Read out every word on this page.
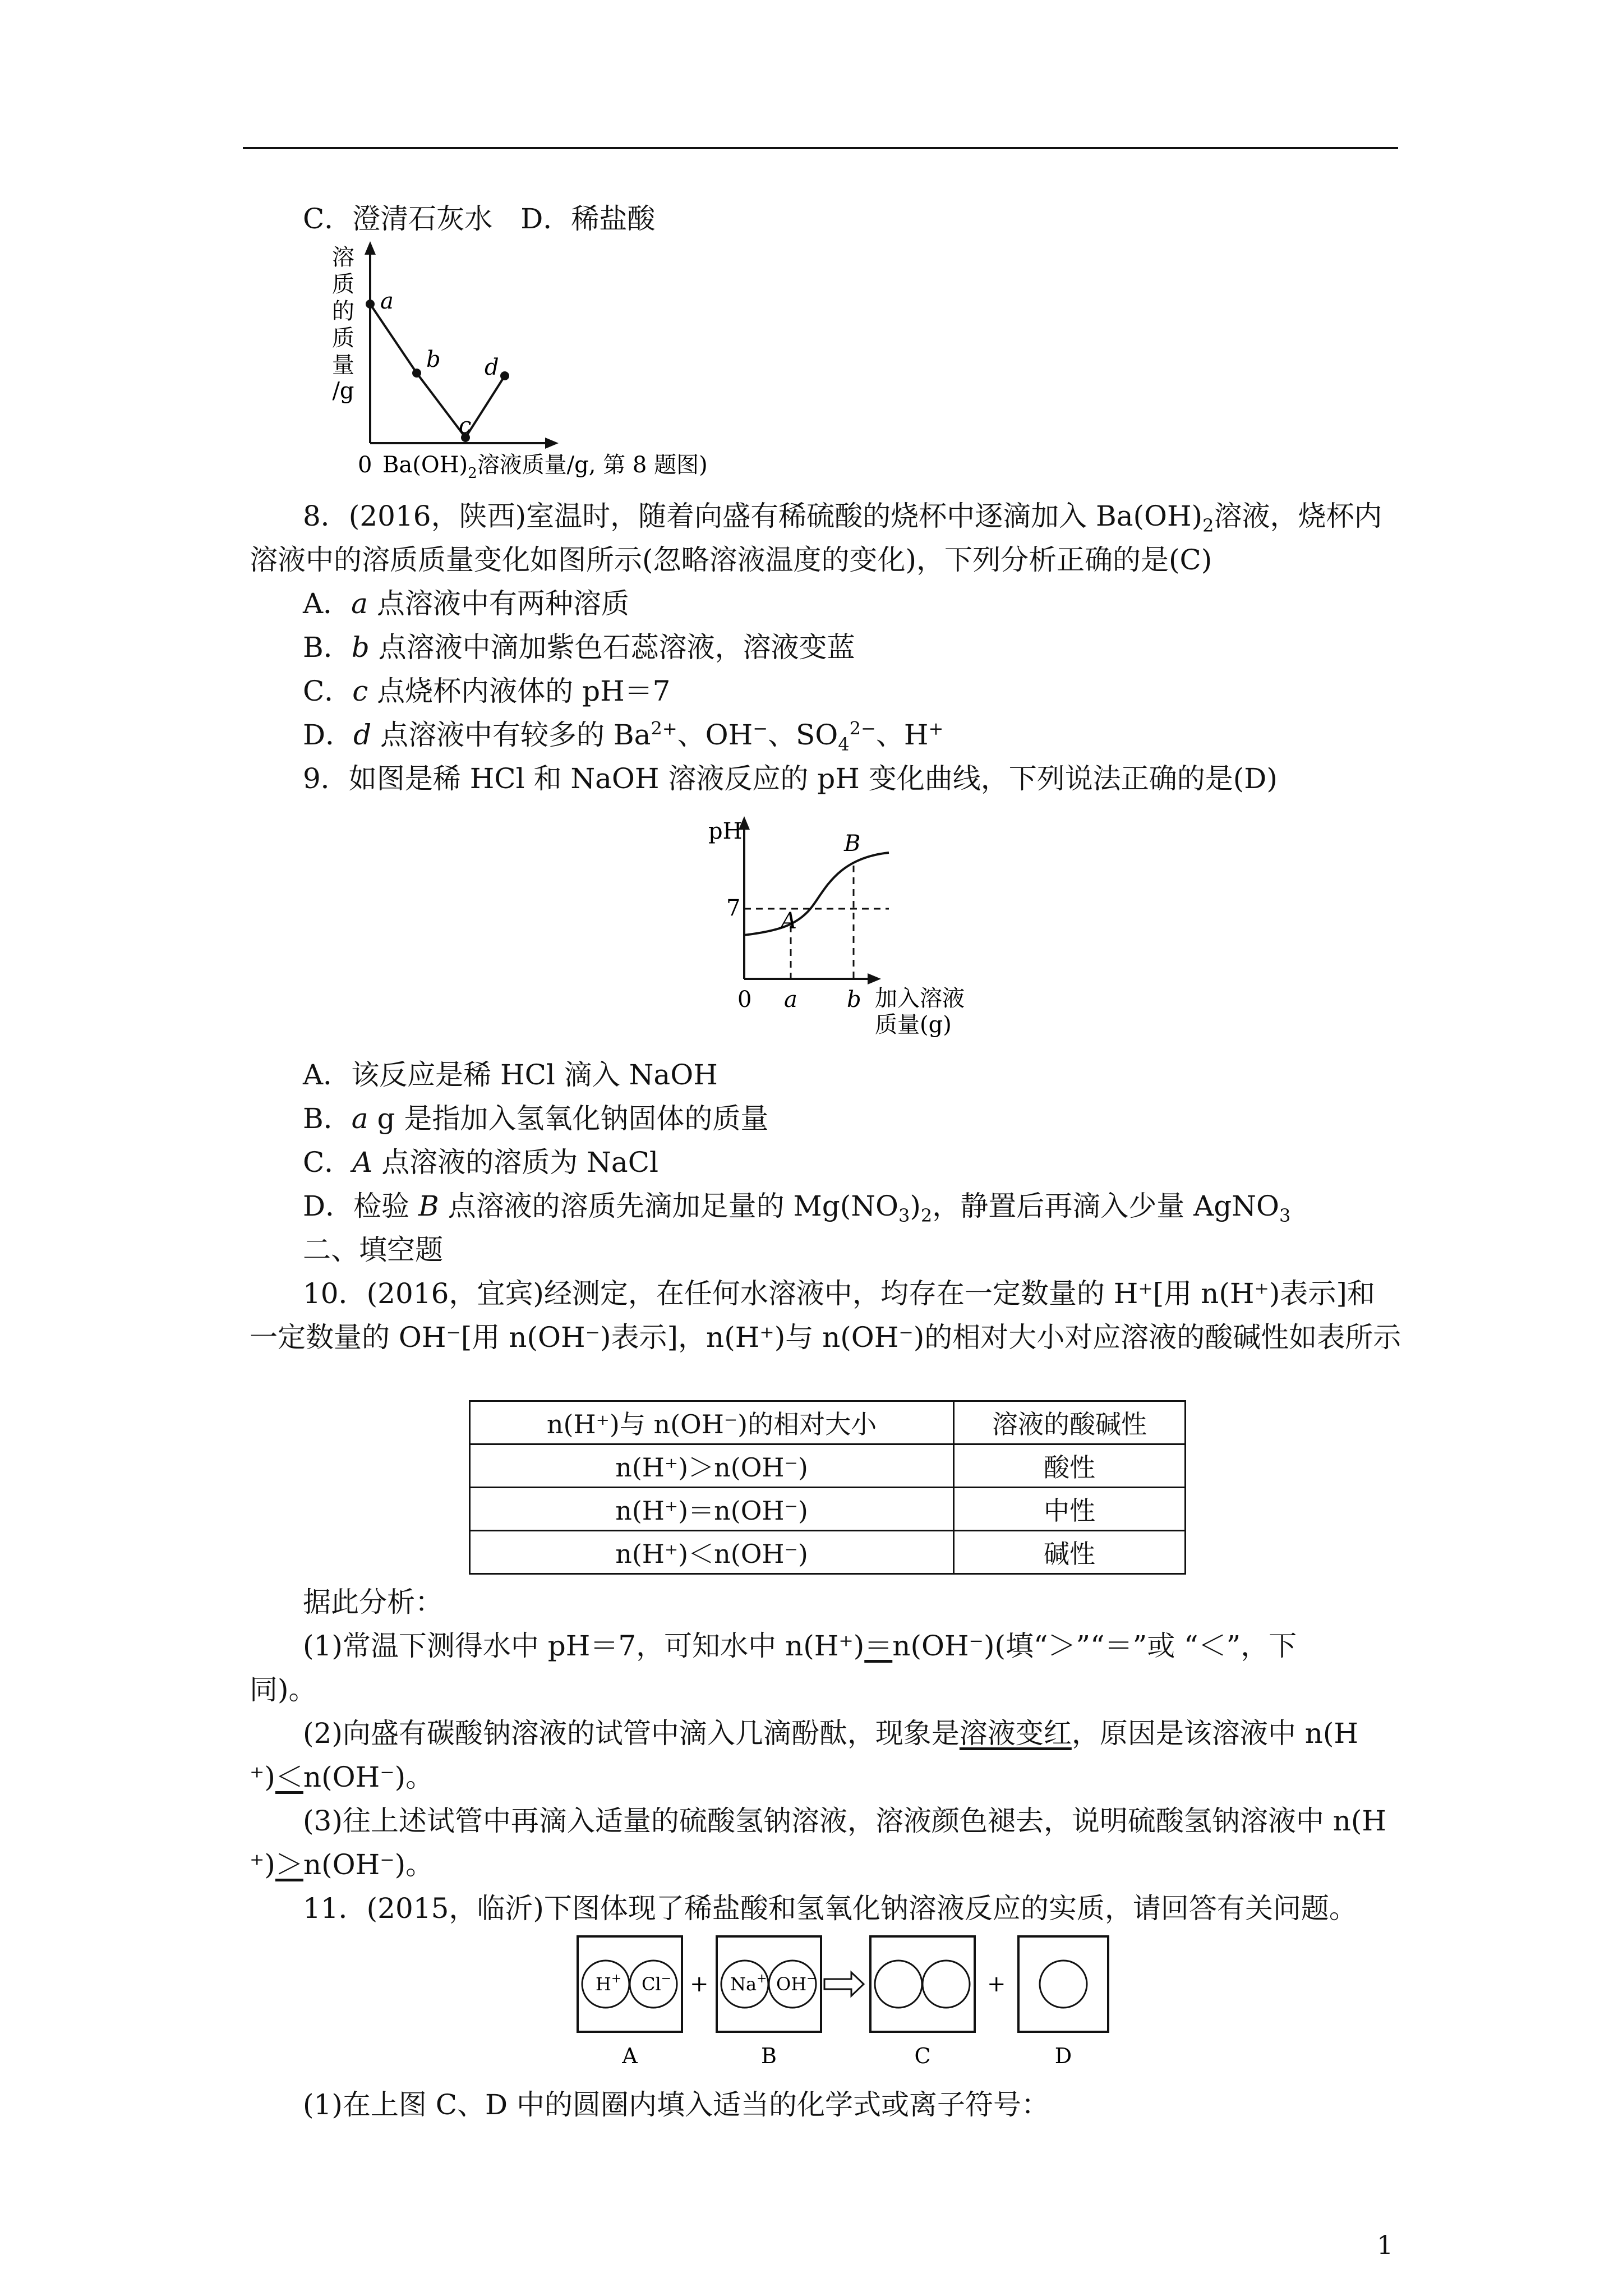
C．澄清石灰水　D．稀盐酸
溶
质
的
质
量
/g
a
b
c
d
0 $Ba(OH)_2$溶液质量/g, 第 8 题图)
8．(2016，陕西)室温时，随着向盛有稀硫酸的烧杯中逐滴加入 $Ba(OH)_2$溶液，烧杯内
溶液中的溶质质量变化如图所示(忽略溶液温度的变化)，下列分析正确的是(C)
A．a 点溶液中有两种溶质
B．b 点溶液中滴加紫色石蕊溶液，溶液变蓝
C．c 点烧杯内液体的 pH＝7
D．d 点溶液中有较多的 $Ba^{2+}$、OH−、$SO_4^{2-}$、H+
9．如图是稀 HCl 和 NaOH 溶液反应的 pH 变化曲线，下列说法正确的是(D)
pH
7
0 a b
A
B
加入溶液
质量(g)
A．该反应是稀 HCl 滴入 NaOH
B．a g 是指加入氢氧化钠固体的质量
C．A 点溶液的溶质为 NaCl
D．检验 B 点溶液的溶质先滴加足量的 $Mg(NO_3)_2$，静置后再滴入少量 AgNO$_3$
二、填空题
10．(2016，宜宾)经测定，在任何水溶液中，均存在一定数量的 H⁺[用 n(H⁺)表示]和
一定数量的 OH⁻[用 n(OH⁻)表示]，n(H⁺)与 n(OH⁻)的相对大小对应溶液的酸碱性如表所示
n(H⁺)与 n(OH⁻)的相对大小	溶液的酸碱性
n(H⁺)＞n(OH⁻)	酸性
n(H⁺)＝n(OH⁻)	中性
n(H⁺)＜n(OH⁻)	碱性
据此分析：
(1)常温下测得水中 pH＝7，可知水中 n(H⁺)＝n(OH⁻)(填“＞”“＝”或 “＜”，下
同)。
(2)向盛有碳酸钠溶液的试管中滴入几滴酚酞，现象是溶液变红，原因是该溶液中 n(H
⁺)＜n(OH⁻)。
(3)往上述试管中再滴入适量的硫酸氢钠溶液，溶液颜色褪去，说明硫酸氢钠溶液中 n(H
⁺)＞n(OH⁻)。
11．(2015，临沂)下图体现了稀盐酸和氢氧化钠溶液反应的实质，请回答有关问题。
H+ Cl− + Na+ OH−	+
A	B	C	D
(1)在上图 C、D 中的圆圈内填入适当的化学式或离子符号：
1
